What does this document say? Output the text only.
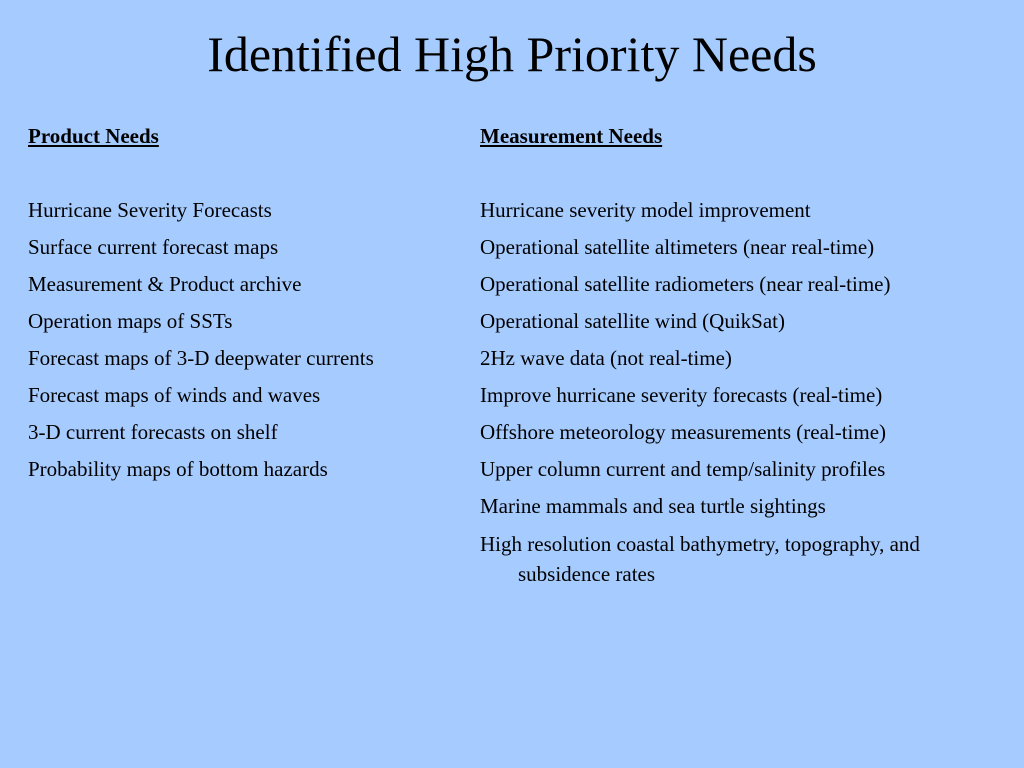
Identified High Priority Needs
Product Needs
Hurricane Severity Forecasts
Surface current forecast maps
Measurement & Product archive
Operation maps of SSTs
Forecast maps of 3-D deepwater currents
Forecast maps of winds and waves
3-D current forecasts on shelf
Probability maps of bottom hazards
Measurement Needs
Hurricane severity model improvement
Operational satellite altimeters (near real-time)
Operational satellite radiometers (near real-time)
Operational satellite wind (QuikSat)
2Hz wave data (not real-time)
Improve hurricane severity forecasts (real-time)
Offshore meteorology measurements (real-time)
Upper column current and temp/salinity profiles
Marine mammals and sea turtle sightings
High resolution coastal bathymetry, topography, and subsidence rates
